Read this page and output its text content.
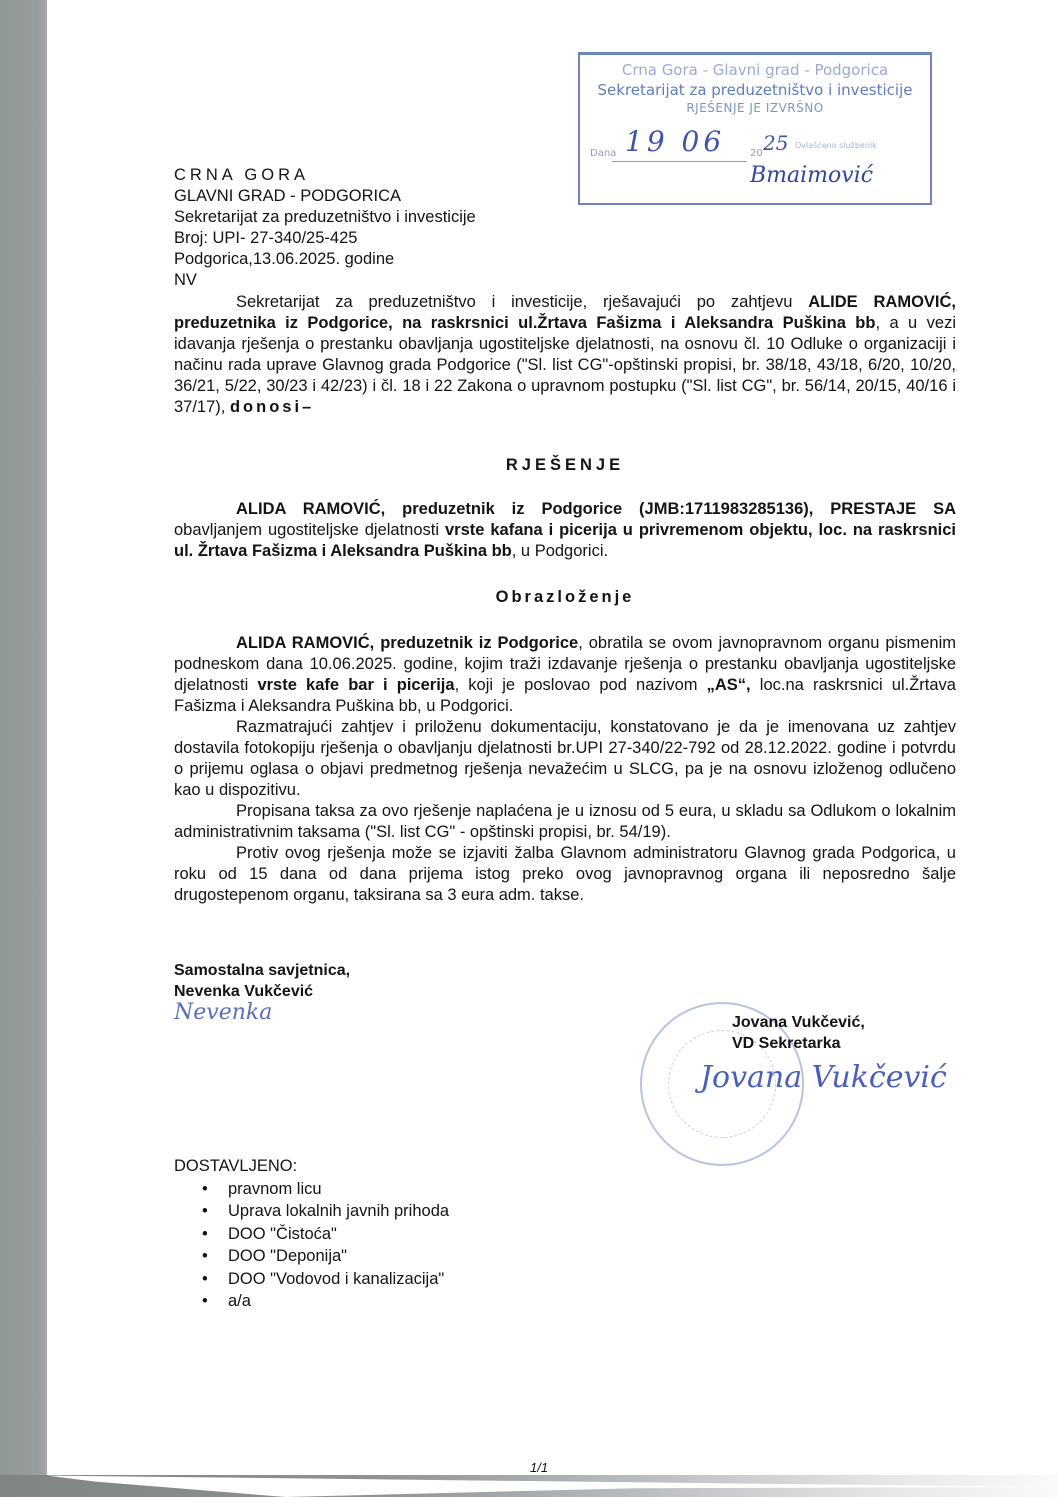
Crna Gora - Glavni grad - Podgorica
Sekretarijat za preduzetništvo i investicije
RJEŠENJE JE IZVRŠNO
Dana 19 06 20 25 Ovlašćeno službenik
Bmaimović
CRNA GORA
GLAVNI GRAD - PODGORICA
Sekretarijat za preduzetništvo i investicije
Broj: UPI- 27-340/25-425
Podgorica,13.06.2025. godine
NV

Sekretarijat za preduzetništvo i investicije, rješavajući po zahtjevu ALIDE RAMOVIĆ, preduzetnika iz Podgorice, na raskrsnici ul.Žrtava Fašizma i Aleksandra Puškina bb, a u vezi idavanja rješenja o prestanku obavljanja ugostiteljske djelatnosti, na osnovu čl. 10 Odluke o organizaciji i načinu rada uprave Glavnog grada Podgorice ("Sl. list CG"-opštinski propisi, br. 38/18, 43/18, 6/20, 10/20, 36/21, 5/22, 30/23 i 42/23) i čl. 18 i 22 Zakona o upravnom postupku ("Sl. list CG", br. 56/14, 20/15, 40/16 i 37/17), donosi–

RJEŠENJE

ALIDA RAMOVIĆ, preduzetnik iz Podgorice (JMB:1711983285136), PRESTAJE SA obavljanjem ugostiteljske djelatnosti vrste kafana i picerija u privremenom objektu, loc. na raskrsnici ul. Žrtava Fašizma i Aleksandra Puškina bb, u Podgorici.

Obrazloženje

ALIDA RAMOVIĆ, preduzetnik iz Podgorice, obratila se ovom javnopravnom organu pismenim podneskom dana 10.06.2025. godine, kojim traži izdavanje rješenja o prestanku obavljanja ugostiteljske djelatnosti vrste kafe bar i picerija, koji je poslovao pod nazivom „AS“, loc.na raskrsnici ul.Žrtava Fašizma i Aleksandra Puškina bb, u Podgorici.

Razmatrajući zahtjev i priloženu dokumentaciju, konstatovano je da je imenovana uz zahtjev dostavila fotokopiju rješenja o obavljanju djelatnosti br.UPI 27-340/22-792 od 28.12.2022. godine i potvrdu o prijemu oglasa o objavi predmetnog rješenja nevažećim u SLCG, pa je na osnovu izloženog odlučeno kao u dispozitivu.

Propisana taksa za ovo rješenje naplaćena je u iznosu od 5 eura, u skladu sa Odlukom o lokalnim administrativnim taksama ("Sl. list CG" - opštinski propisi, br. 54/19).

Protiv ovog rješenja može se izjaviti žalba Glavnom administratoru Glavnog grada Podgorica, u roku od 15 dana od dana prijema istog preko ovog javnopravnog organa ili neposredno šalje drugostepenom organu, taksirana sa 3 eura adm. takse.

Samostalna savjetnica,
Nevenka Vukčević
Nevenka	Jovana Vukčević,
VD Sekretarka
Jovana Vukčević
DOSTAVLJENO:
• pravnom licu
• Uprava lokalnih javnih prihoda
• DOO "Čistoća"
• DOO "Deponija"
• DOO "Vodovod i kanalizacija"
• a/a
1/1
